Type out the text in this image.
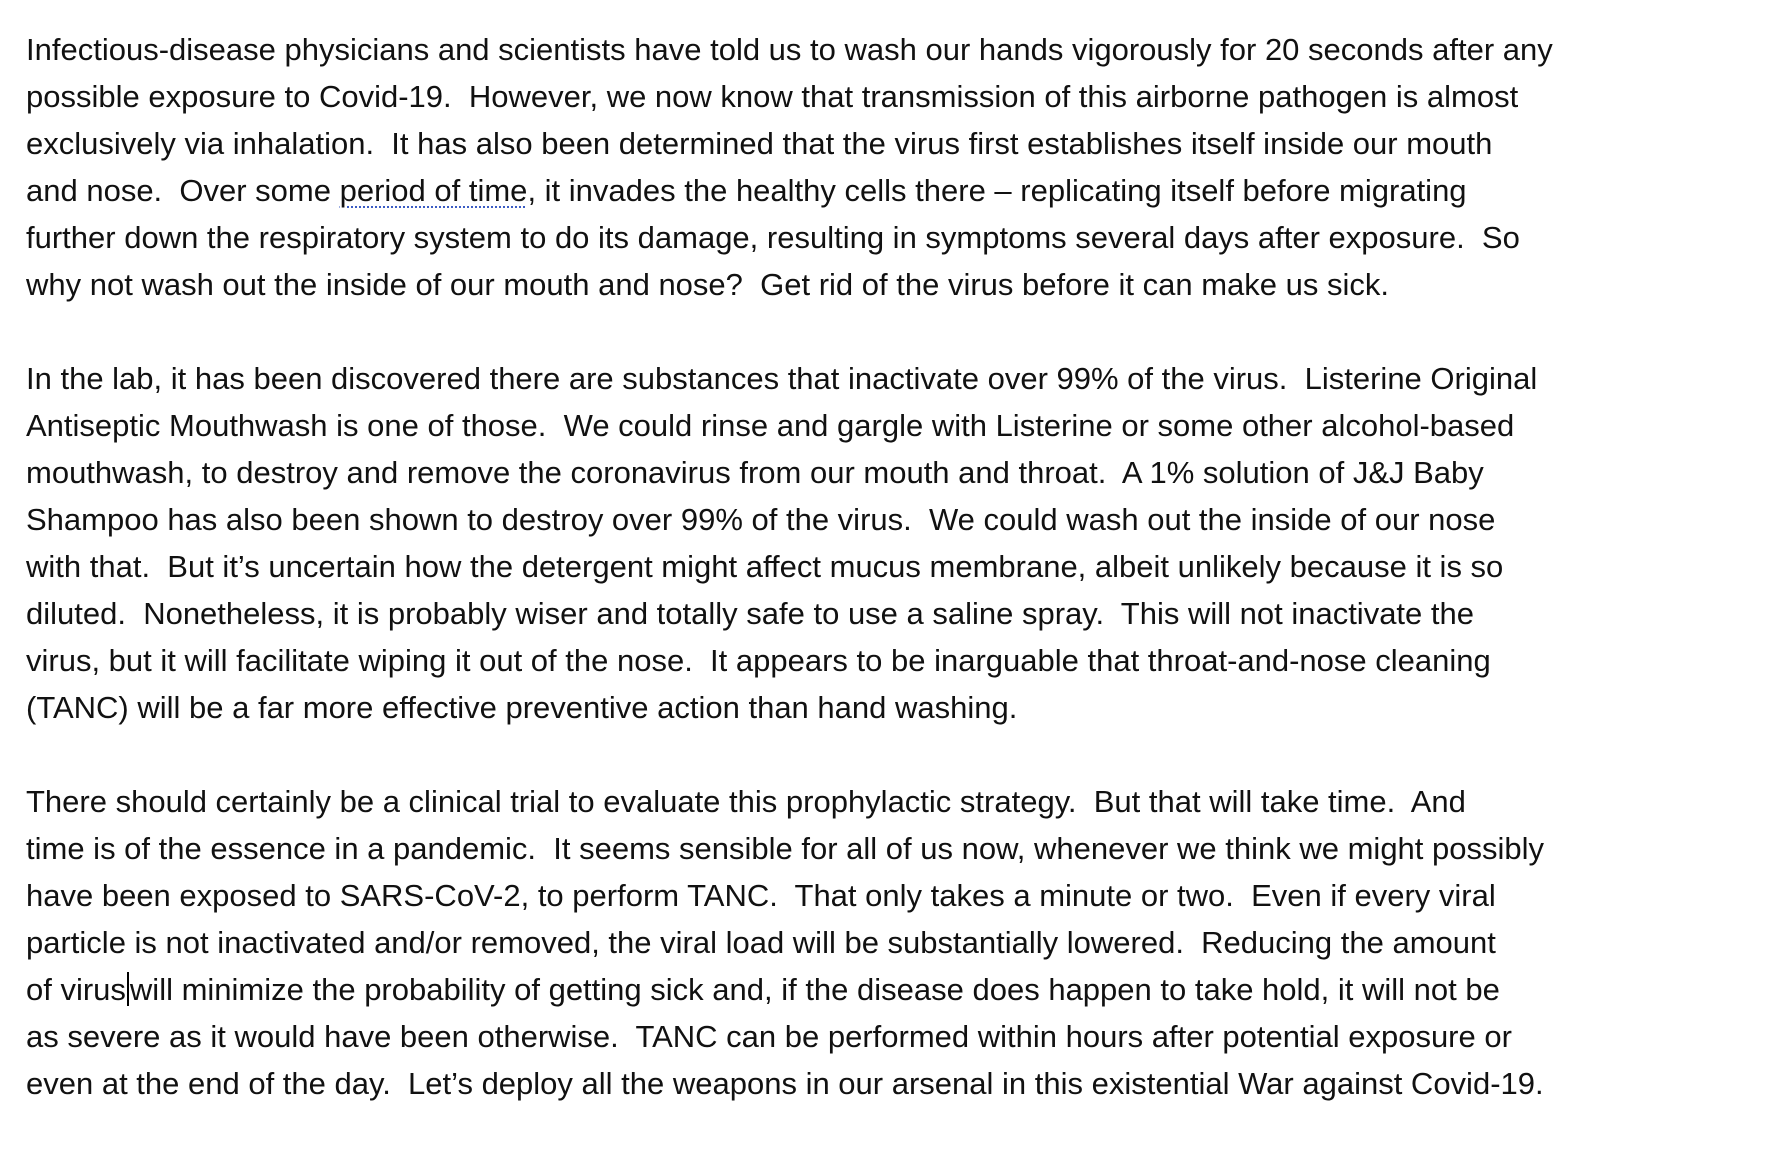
Infectious-disease physicians and scientists have told us to wash our hands vigorously for 20 seconds after any
possible exposure to Covid-19.  However, we now know that transmission of this airborne pathogen is almost
exclusively via inhalation.  It has also been determined that the virus first establishes itself inside our mouth
and nose.  Over some period of time, it invades the healthy cells there – replicating itself before migrating
further down the respiratory system to do its damage, resulting in symptoms several days after exposure.  So
why not wash out the inside of our mouth and nose?  Get rid of the virus before it can make us sick.

In the lab, it has been discovered there are substances that inactivate over 99% of the virus.  Listerine Original
Antiseptic Mouthwash is one of those.  We could rinse and gargle with Listerine or some other alcohol-based
mouthwash, to destroy and remove the coronavirus from our mouth and throat.  A 1% solution of J&J Baby
Shampoo has also been shown to destroy over 99% of the virus.  We could wash out the inside of our nose
with that.  But it’s uncertain how the detergent might affect mucus membrane, albeit unlikely because it is so
diluted.  Nonetheless, it is probably wiser and totally safe to use a saline spray.  This will not inactivate the
virus, but it will facilitate wiping it out of the nose.  It appears to be inarguable that throat-and-nose cleaning
(TANC) will be a far more effective preventive action than hand washing.

There should certainly be a clinical trial to evaluate this prophylactic strategy.  But that will take time.  And
time is of the essence in a pandemic.  It seems sensible for all of us now, whenever we think we might possibly
have been exposed to SARS-CoV-2, to perform TANC.  That only takes a minute or two.  Even if every viral
particle is not inactivated and/or removed, the viral load will be substantially lowered.  Reducing the amount
of virus will minimize the probability of getting sick and, if the disease does happen to take hold, it will not be
as severe as it would have been otherwise.  TANC can be performed within hours after potential exposure or
even at the end of the day.  Let’s deploy all the weapons in our arsenal in this existential War against Covid-19.
